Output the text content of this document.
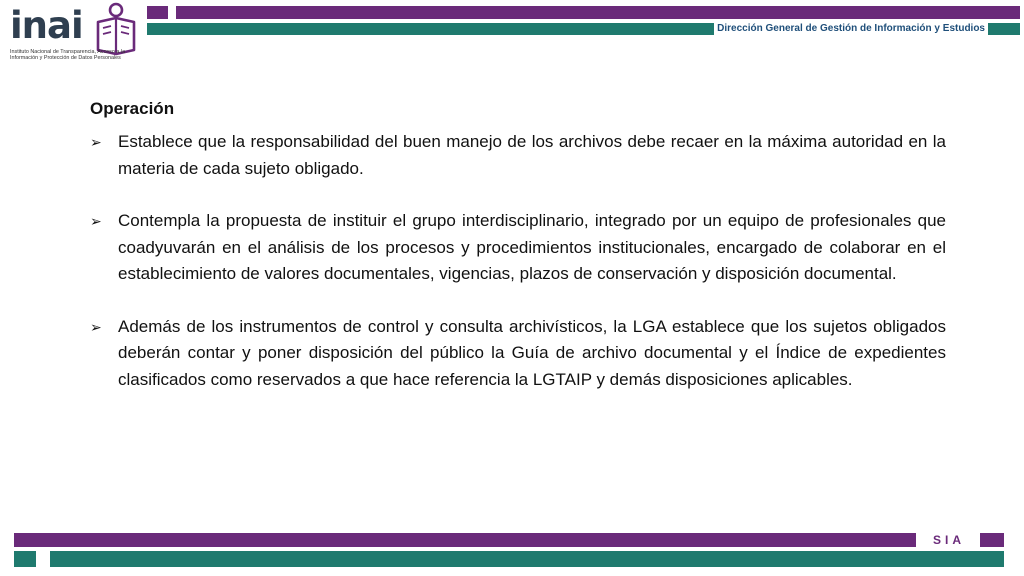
inai
Instituto Nacional de Transparencia, Acceso a la Información y Protección de Datos Personales
Dirección General de Gestión de Información y Estudios
Operación
➢ Establece que la responsabilidad del buen manejo de los archivos debe recaer en la máxima autoridad en la materia de cada sujeto obligado.
➢ Contempla la propuesta de instituir el grupo interdisciplinario, integrado por un equipo de profesionales que coadyuvarán en el análisis de los procesos y procedimientos institucionales, encargado de colaborar en el establecimiento de valores documentales, vigencias, plazos de conservación y disposición documental.
➢ Además de los instrumentos de control y consulta archivísticos, la LGA establece que los sujetos obligados deberán contar y poner disposición del público la Guía de archivo documental y el Índice de expedientes clasificados como reservados a que hace referencia la LGTAIP y demás disposiciones aplicables.
SIA
